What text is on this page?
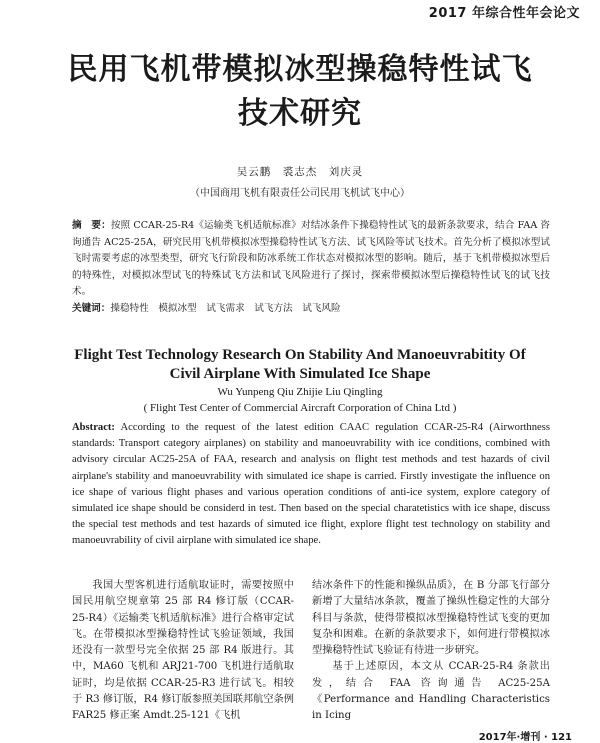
2017 年综合性年会论文
民用飞机带模拟冰型操稳特性试飞
技术研究
吴云鹏　裘志杰　刘庆灵
（中国商用飞机有限责任公司民用飞机试飞中心）
摘　要：按照 CCAR-25-R4《运输类飞机适航标准》对结冰条件下操稳特性试飞的最新条款要求，结合 FAA 咨询通告 AC25-25A，研究民用飞机带模拟冰型操稳特性试飞方法、试飞风险等试飞技术。首先分析了模拟冰型试飞时需要考虑的冰型类型，研究飞行阶段和防冰系统工作状态对模拟冰型的影响。随后，基于飞机带模拟冰型后的特殊性，对模拟冰型试飞的特殊试飞方法和试飞风险进行了探讨，探索带模拟冰型后操稳特性试飞的试飞技术。
关键词：操稳特性　模拟冰型　试飞需求　试飞方法　试飞风险
Flight Test Technology Research On Stability And Manoeuvrabitity Of
Civil Airplane With Simulated Ice Shape
Wu Yunpeng Qiu Zhijie Liu Qingling
( Flight Test Center of Commercial Aircraft Corporation of China Ltd )
Abstract: According to the request of the latest edition CAAC regulation CCAR-25-R4 (Airworthness standards: Transport category airplanes) on stability and manoeuvrability with ice conditions, combined with advisory circular AC25-25A of FAA, research and analysis on flight test methods and test hazards of civil airplane's stability and manoeuvrability with simulated ice shape is carried. Firstly investigate the influence on ice shape of various flight phases and various operation conditions of anti-ice system, explore category of simulated ice shape should be considerd in test. Then based on the special charatetistics with ice shape, discuss the special test methods and test hazards of simuted ice flight, explore flight test technology on stability and manoeuvrability of civil airplane with simulated ice shape.
我国大型客机进行适航取证时，需要按照中国民用航空规章第 25 部 R4 修订版（CCAR-25-R4）《运输类飞机适航标准》进行合格审定试飞。在带模拟冰型操稳特性试飞验证领域，我国还没有一款型号完全依据 25 部 R4 版进行。其中，MA60 飞机和 ARJ21-700 飞机进行适航取证时，均是依据 CCAR-25-R3 进行试飞。相较于 R3 修订版，R4 修订版参照美国联邦航空条例 FAR25 修正案 Amdt.25-121《飞机

结冰条件下的性能和操纵品质》，在 B 分部飞行部分新增了大量结冰条款，覆盖了操纵性稳定性的大部分科目与条款，使得带模拟冰型操稳特性试飞变的更加复杂和困难。在新的条款要求下，如何进行带模拟冰型操稳特性试飞验证有待进一步研究。

基于上述原因，本文从 CCAR-25-R4 条款出发，结合 FAA 咨询通告 AC25-25A《Performance and Handling Characteristics in Icing

2017年·增刊 · 121
